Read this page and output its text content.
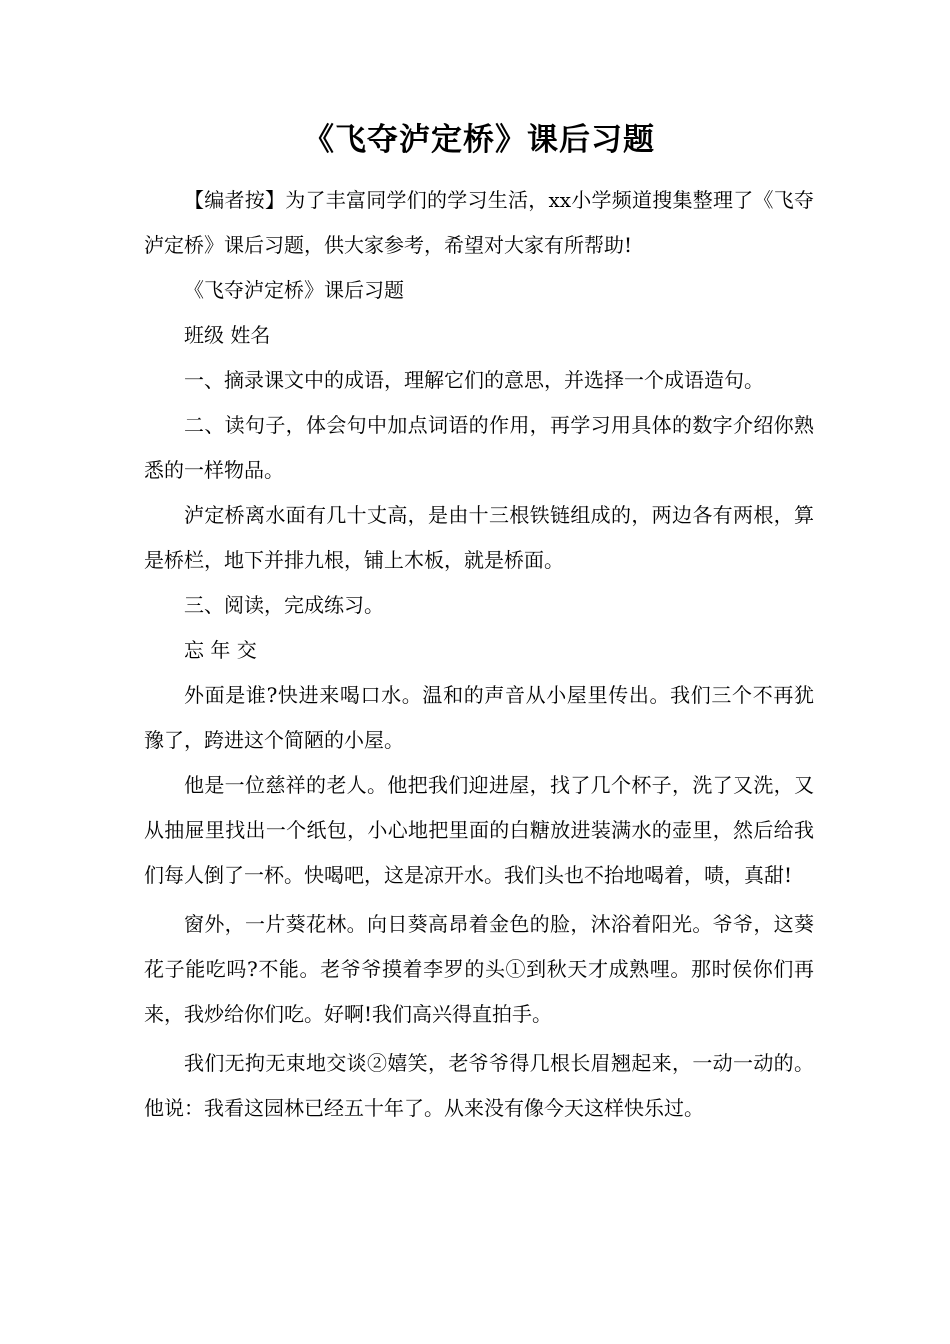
《飞夺泸定桥》课后习题

【编者按】为了丰富同学们的学习生活，xx小学频道搜集整理了《飞夺泸定桥》课后习题，供大家参考，希望对大家有所帮助!

《飞夺泸定桥》课后习题

班级 姓名

一、摘录课文中的成语，理解它们的意思，并选择一个成语造句。

二、读句子，体会句中加点词语的作用，再学习用具体的数字介绍你熟悉的一样物品。

泸定桥离水面有几十丈高，是由十三根铁链组成的，两边各有两根，算是桥栏，地下并排九根，铺上木板，就是桥面。

三、阅读，完成练习。

忘 年 交

外面是谁?快进来喝口水。温和的声音从小屋里传出。我们三个不再犹豫了，跨进这个简陋的小屋。

他是一位慈祥的老人。他把我们迎进屋，找了几个杯子，洗了又洗，又从抽屉里找出一个纸包，小心地把里面的白糖放进装满水的壶里，然后给我们每人倒了一杯。快喝吧，这是凉开水。我们头也不抬地喝着，啧，真甜!

窗外，一片葵花林。向日葵高昂着金色的脸，沐浴着阳光。爷爷，这葵花子能吃吗?不能。老爷爷摸着李罗的头①到秋天才成熟哩。那时侯你们再来，我炒给你们吃。好啊!我们高兴得直拍手。

我们无拘无束地交谈②嬉笑，老爷爷得几根长眉翘起来，一动一动的。他说：我看这园林已经五十年了。从来没有像今天这样快乐过。
